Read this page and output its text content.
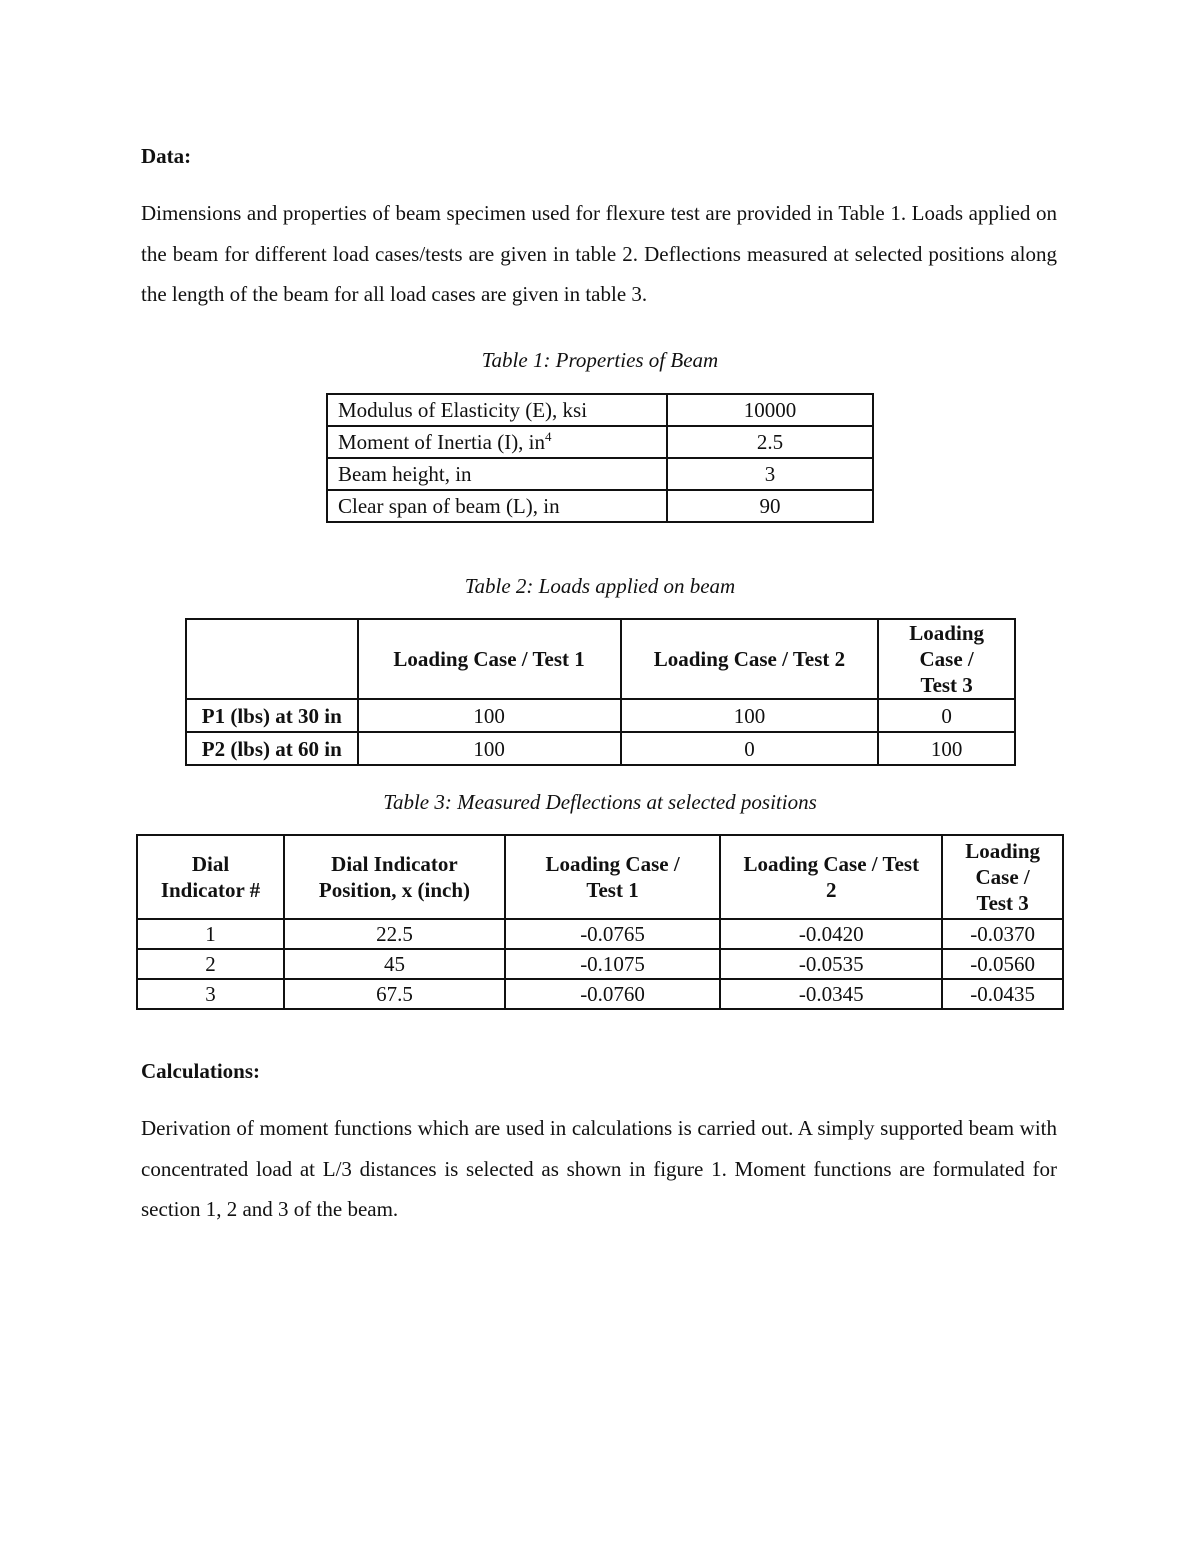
Data:

Dimensions and properties of beam specimen used for flexure test are provided in Table 1. Loads applied on the beam for different load cases/tests are given in table 2. Deflections measured at selected positions along the length of the beam for all load cases are given in table 3.

Table 1: Properties of Beam

Modulus of Elasticity (E), ksi	10000
Moment of Inertia (I), $in^4$	2.5
Beam height, in	3
Clear span of beam (L), in	90

Table 2: Loads applied on beam

	Loading Case / Test 1	Loading Case / Test 2	Loading Case / Test 3
P1 (lbs) at 30 in	100	100	0
P2 (lbs) at 60 in	100	0	100

Table 3: Measured Deflections at selected positions

Dial Indicator #	Dial Indicator Position, x (inch)	Loading Case / Test 1	Loading Case / Test 2	Loading Case / Test 3
1	22.5	-0.0765	-0.0420	-0.0370
2	45	-0.1075	-0.0535	-0.0560
3	67.5	-0.0760	-0.0345	-0.0435

Calculations:

Derivation of moment functions which are used in calculations is carried out. A simply supported beam with concentrated load at L/3 distances is selected as shown in figure 1. Moment functions are formulated for section 1, 2 and 3 of the beam.
